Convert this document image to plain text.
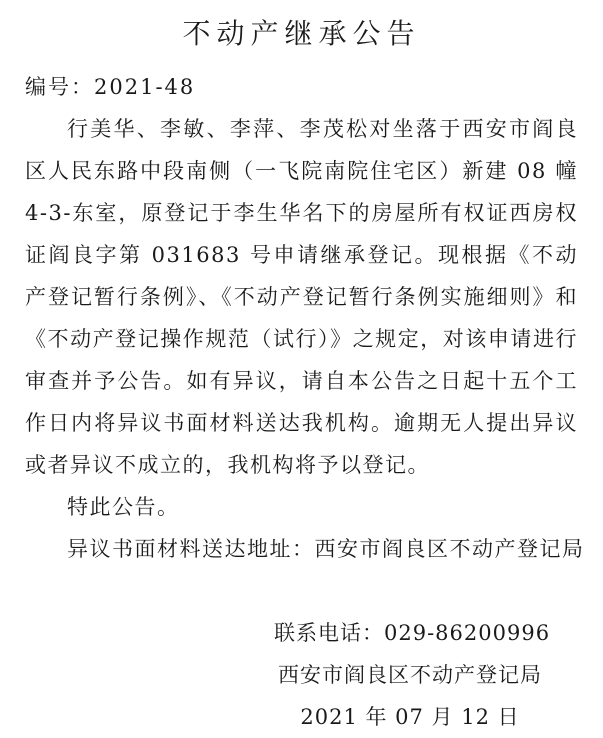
不动产继承公告

编号：2021-48

行美华、李敏、李萍、李茂松对坐落于西安市阎良区人民东路中段南侧（一飞院南院住宅区）新建 08 幢 4-3-东室，原登记于李生华名下的房屋所有权证西房权证阎良字第 031683 号申请继承登记。现根据《不动产登记暂行条例》、《不动产登记暂行条例实施细则》和《不动产登记操作规范（试行）》之规定，对该申请进行审查并予公告。如有异议，请自本公告之日起十五个工作日内将异议书面材料送达我机构。逾期无人提出异议或者异议不成立的，我机构将予以登记。

特此公告。

异议书面材料送达地址：西安市阎良区不动产登记局

联系电话：029-86200996

西安市阎良区不动产登记局

2021 年 07 月 12 日
